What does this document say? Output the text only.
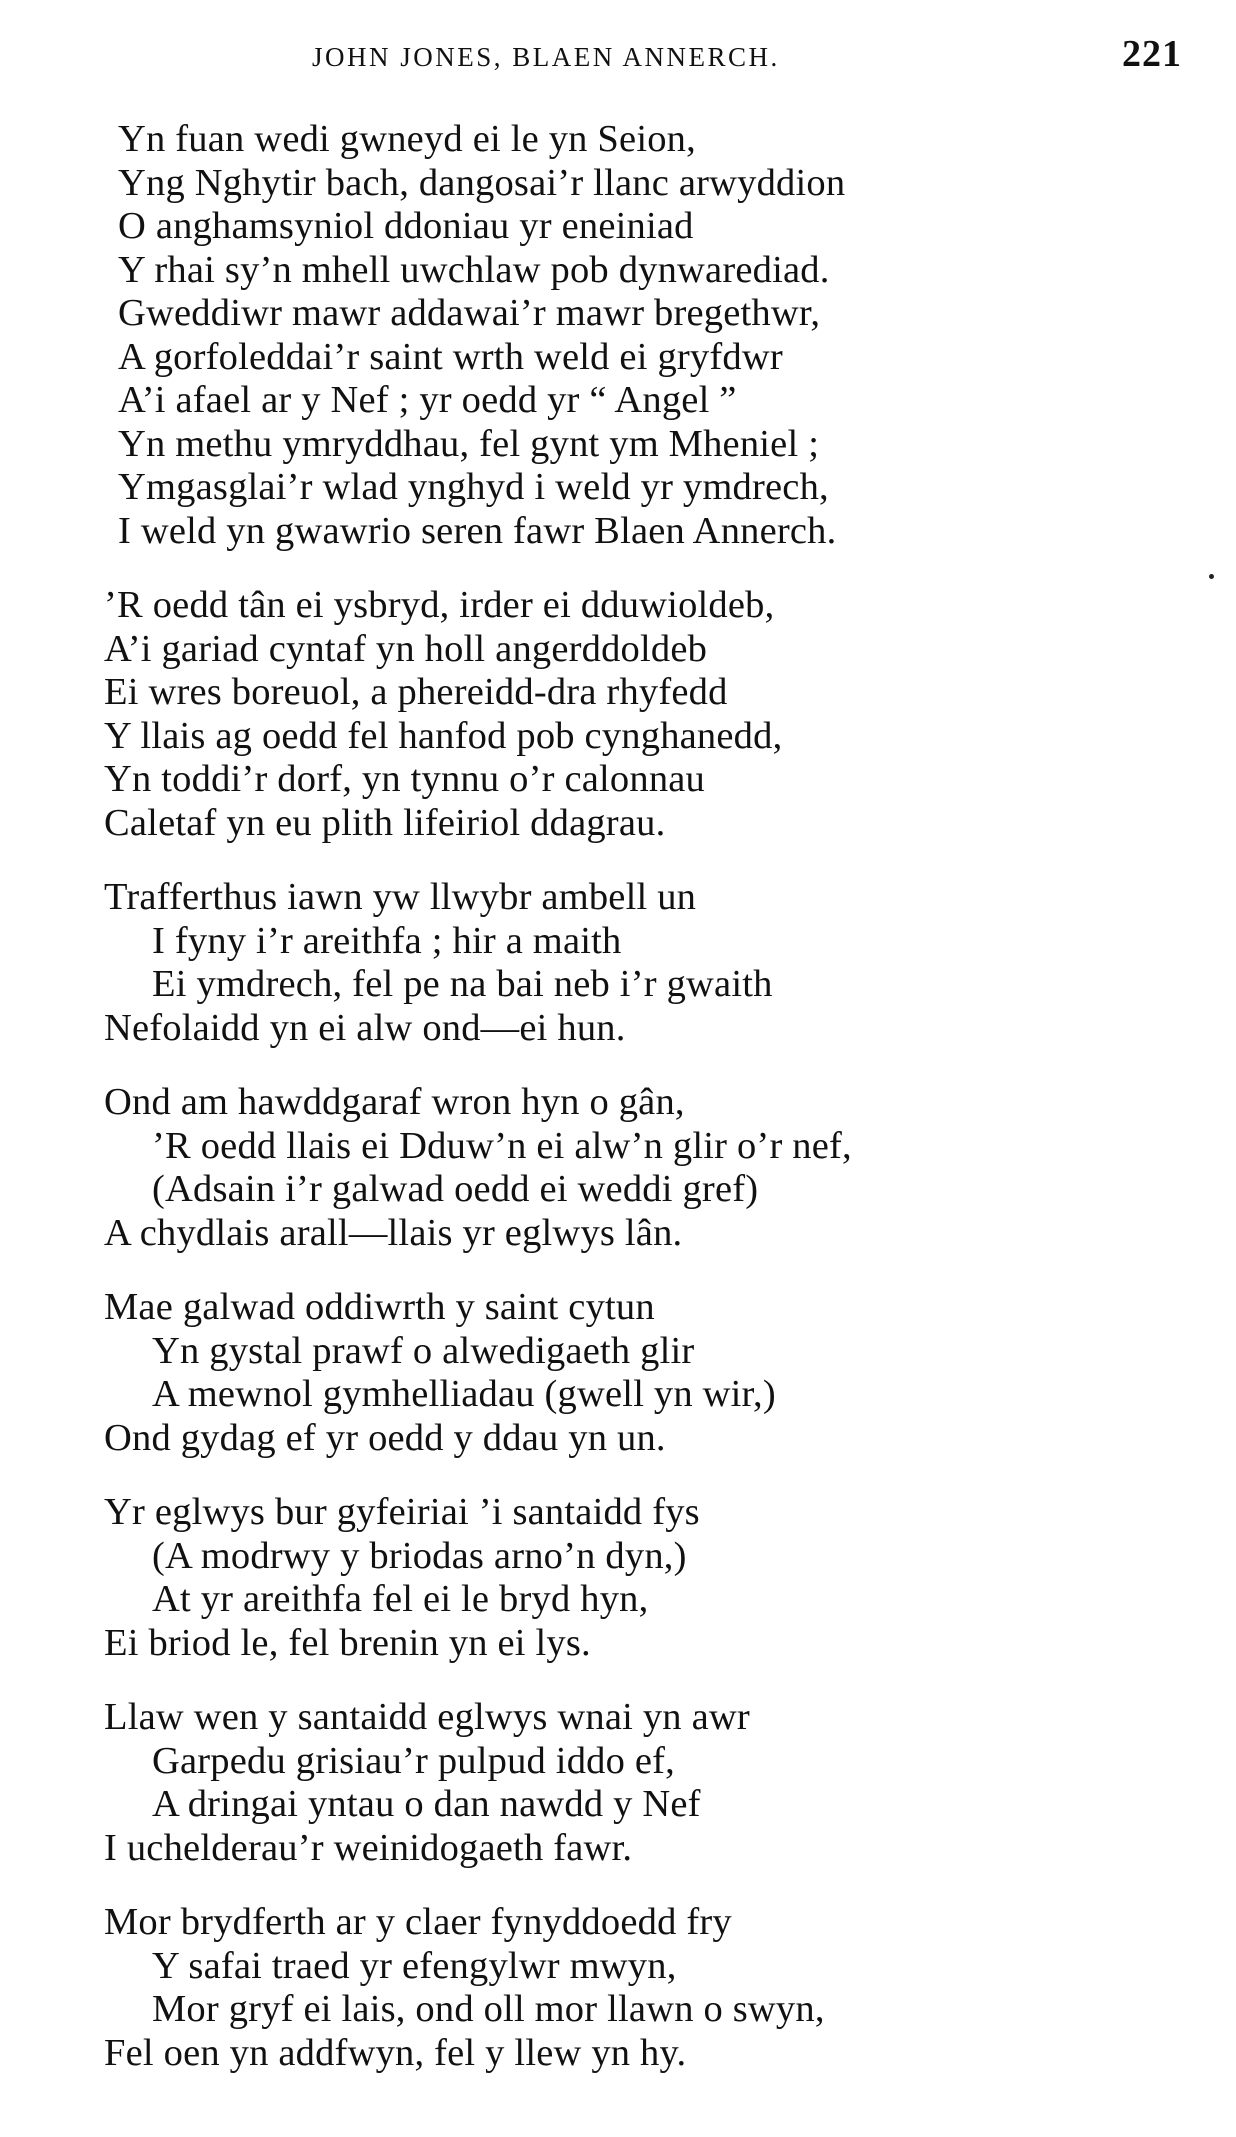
JOHN JONES, BLAEN ANNERCH.	221
Yn fuan wedi gwneyd ei le yn Seion,
Yng Nghytir bach, dangosai’r llanc arwyddion
O anghamsyniol ddoniau yr eneiniad
Y rhai sy’n mhell uwchlaw pob dynwarediad.
Gweddiwr mawr addawai’r mawr bregethwr,
A gorfoleddai’r saint wrth weld ei gryfdwr
A’i afael ar y Nef ; yr oedd yr “ Angel ”
Yn methu ymryddhau, fel gynt ym Mheniel ;
Ymgasglai’r wlad ynghyd i weld yr ymdrech,
I weld yn gwawrio seren fawr Blaen Annerch.
’R oedd tân ei ysbryd, irder ei dduwioldeb,
A’i gariad cyntaf yn holl angerddoldeb
Ei wres boreuol, a phereidd-dra rhyfedd
Y llais ag oedd fel hanfod pob cynghanedd,
Yn toddi’r dorf, yn tynnu o’r calonnau
Caletaf yn eu plith lifeiriol ddagrau.
Trafferthus iawn yw llwybr ambell un
I fyny i’r areithfa ; hir a maith
Ei ymdrech, fel pe na bai neb i’r gwaith
Nefolaidd yn ei alw ond—ei hun.
Ond am hawddgaraf wron hyn o gân,
’R oedd llais ei Dduw’n ei alw’n glir o’r nef,
(Adsain i’r galwad oedd ei weddi gref)
A chydlais arall—llais yr eglwys lân.
Mae galwad oddiwrth y saint cytun
Yn gystal prawf o alwedigaeth glir
A mewnol gymhelliadau (gwell yn wir,)
Ond gydag ef yr oedd y ddau yn un.
Yr eglwys bur gyfeiriai ’i santaidd fys
(A modrwy y briodas arno’n dyn,)
At yr areithfa fel ei le bryd hyn,
Ei briod le, fel brenin yn ei lys.
Llaw wen y santaidd eglwys wnai yn awr
Garpedu grisiau’r pulpud iddo ef,
A dringai yntau o dan nawdd y Nef
I uchelderau’r weinidogaeth fawr.
Mor brydferth ar y claer fynyddoedd fry
Y safai traed yr efengylwr mwyn,
Mor gryf ei lais, ond oll mor llawn o swyn,
Fel oen yn addfwyn, fel y llew yn hy.
